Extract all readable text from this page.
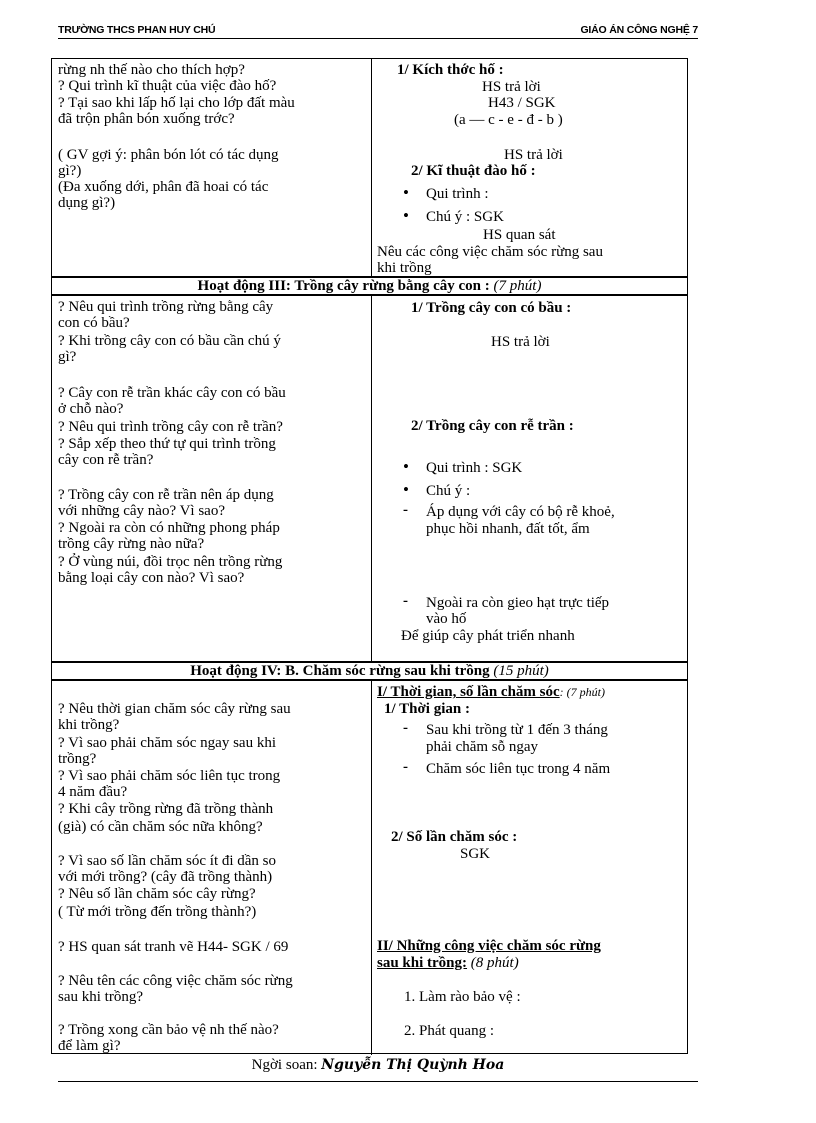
TRƯỜNG THCS PHAN HUY CHÚ	GIÁO ÁN CÔNG NGHỆ 7
Hoạt động III: Trồng cây rừng bằng cây con : (7 phút)
Hoạt động IV: B. Chăm sóc rừng sau khi trồng (15 phút)
rừng nh thế nào cho thích hợp?
? Qui trình kĩ thuật của việc đào hố?
? Tại sao khi lấp hố lại cho lớp đất màu
đã trộn phân bón xuống trớc?
( GV gợi ý: phân bón lót có tác dụng
gì?)
(Đa xuống dới, phân đã hoai có tác
dụng gì?)
1/ Kích thớc hố :
HS trả lời
H43 / SGK
(a — c - e - đ - b )
HS trả lời
2/ Kĩ thuật đào hố :
• Qui trình :
• Chú ý : SGK
HS quan sát
Nêu các công việc chăm sóc rừng sau
khi trồng
? Nêu qui trình trồng rừng bằng cây
con có bầu?
? Khi trồng cây con có bầu cần chú ý
gì?
? Cây con rễ trần khác cây con có bầu
ở chỗ nào?
? Nêu qui trình trồng cây con rễ trần?
? Sắp xếp theo thứ tự qui trình trồng
cây con rễ trần?
? Trồng cây con rễ trần nên áp dụng
với những cây nào? Vì sao?
? Ngoài ra còn có những phong pháp
trồng cây rừng nào nữa?
? Ở vùng núi, đồi trọc nên trồng rừng
bằng loại cây con nào? Vì sao?
1/ Trồng cây con có bầu :
HS trả lời
2/ Trồng cây con rễ trần :
• Qui trình : SGK
• Chú ý :
- Áp dụng với cây có bộ rễ khoẻ,
phục hồi nhanh, đất tốt, ẩm
- Ngoài ra còn gieo hạt trực tiếp
vào hố
Để giúp cây phát triển nhanh
? Nêu thời gian chăm sóc cây rừng sau
khi trồng?
? Vì sao phải chăm sóc ngay sau khi
trồng?
? Vì sao phải chăm sóc liên tục trong
4 năm đầu?
? Khi cây trồng rừng đã trồng thành
(già) có cần chăm sóc nữa không?
? Vì sao số lần chăm sóc ít đi dần so
với mới trồng? (cây đã trồng thành)
? Nêu số lần chăm sóc cây rừng?
( Từ mới trồng đến trồng thành?)
? HS quan sát tranh vẽ H44- SGK / 69
? Nêu tên các công việc chăm sóc rừng
sau khi trồng?
? Trồng xong cần bảo vệ nh thế nào?
để làm gì?
I/ Thời gian, số lần chăm sóc: (7 phút)
1/ Thời gian :
- Sau khi trồng từ 1 đến 3 tháng
phải chăm sỗ ngay
- Chăm sóc liên tục trong 4 năm
2/ Số lần chăm sóc :
SGK
II/ Những công việc chăm sóc rừng
sau khi trồng: (8 phút)
1. Làm rào bảo vệ :
2. Phát quang :
Ngời soan: Nguyễn Thị Quỳnh Hoa
